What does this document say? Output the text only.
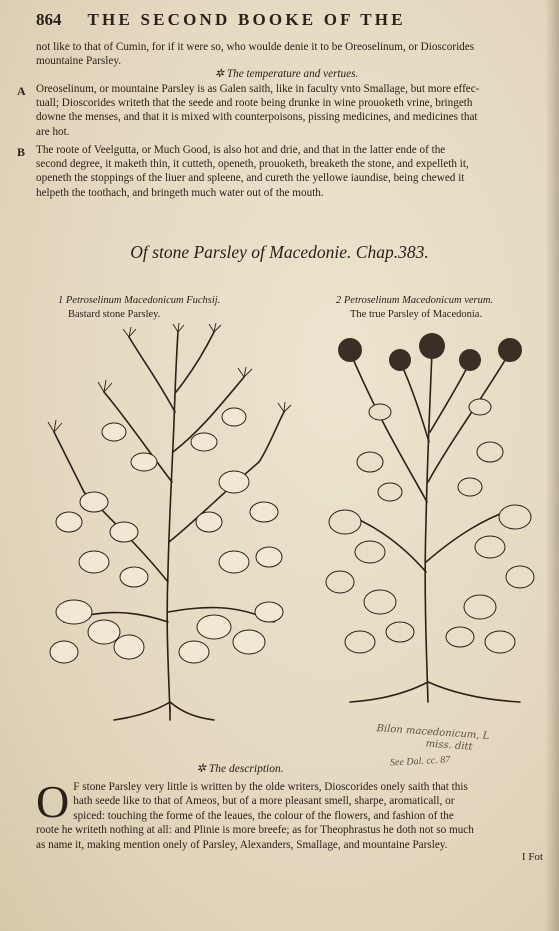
864 THE SECOND BOOKE OF THE
not like to that of Cumin, for if it were so, who woulde denie it to be Oreoselinum, or Dioscorides
mountaine Parsley.
✲ The temperature and vertues.
A Oreoselinum, or mountaine Parsley is as Galen saith, like in faculty vnto Smallage, but more effec-
tuall; Dioscorides writeth that the seede and roote being drunke in wine prouoketh vrine, bringeth
downe the menses, and that it is mixed with counterpoisons, pissing medicines, and medicines that
are hot.
B The roote of Veelgutta, or Much Good, is also hot and drie, and that in the latter ende of the
second degree, it maketh thin, it cutteth, openeth, prouoketh, breaketh the stone, and expelleth it,
openeth the stoppings of the liuer and spleene, and cureth the yellowe iaundise, being chewed it
helpeth the toothach, and bringeth much water out of the mouth.
Of stone Parsley of Macedonie. Chap.383.
1 Petroselinum Macedonicum Fuchsij.
Bastard stone Parsley.
2 Petroselinum Macedonicum verum.
The true Parsley of Macedonia.
Bilon macedonicum, L
miss. ditt
See Dal. cc. 87
✲ The description.
O F stone Parsley very little is written by the olde writers, Dioscorides onely saith that this
hath seede like to that of Ameos, but of a more pleasant smell, sharpe, aromaticall, or
spiced: touching the forme of the leaues, the colour of the flowers, and fashion of the
roote he writeth nothing at all: and Plinie is more breefe; as for Theophrastus he doth not so much
as name it, making mention onely of Parsley, Alexanders, Smallage, and mountaine Parsley.
I Fot
